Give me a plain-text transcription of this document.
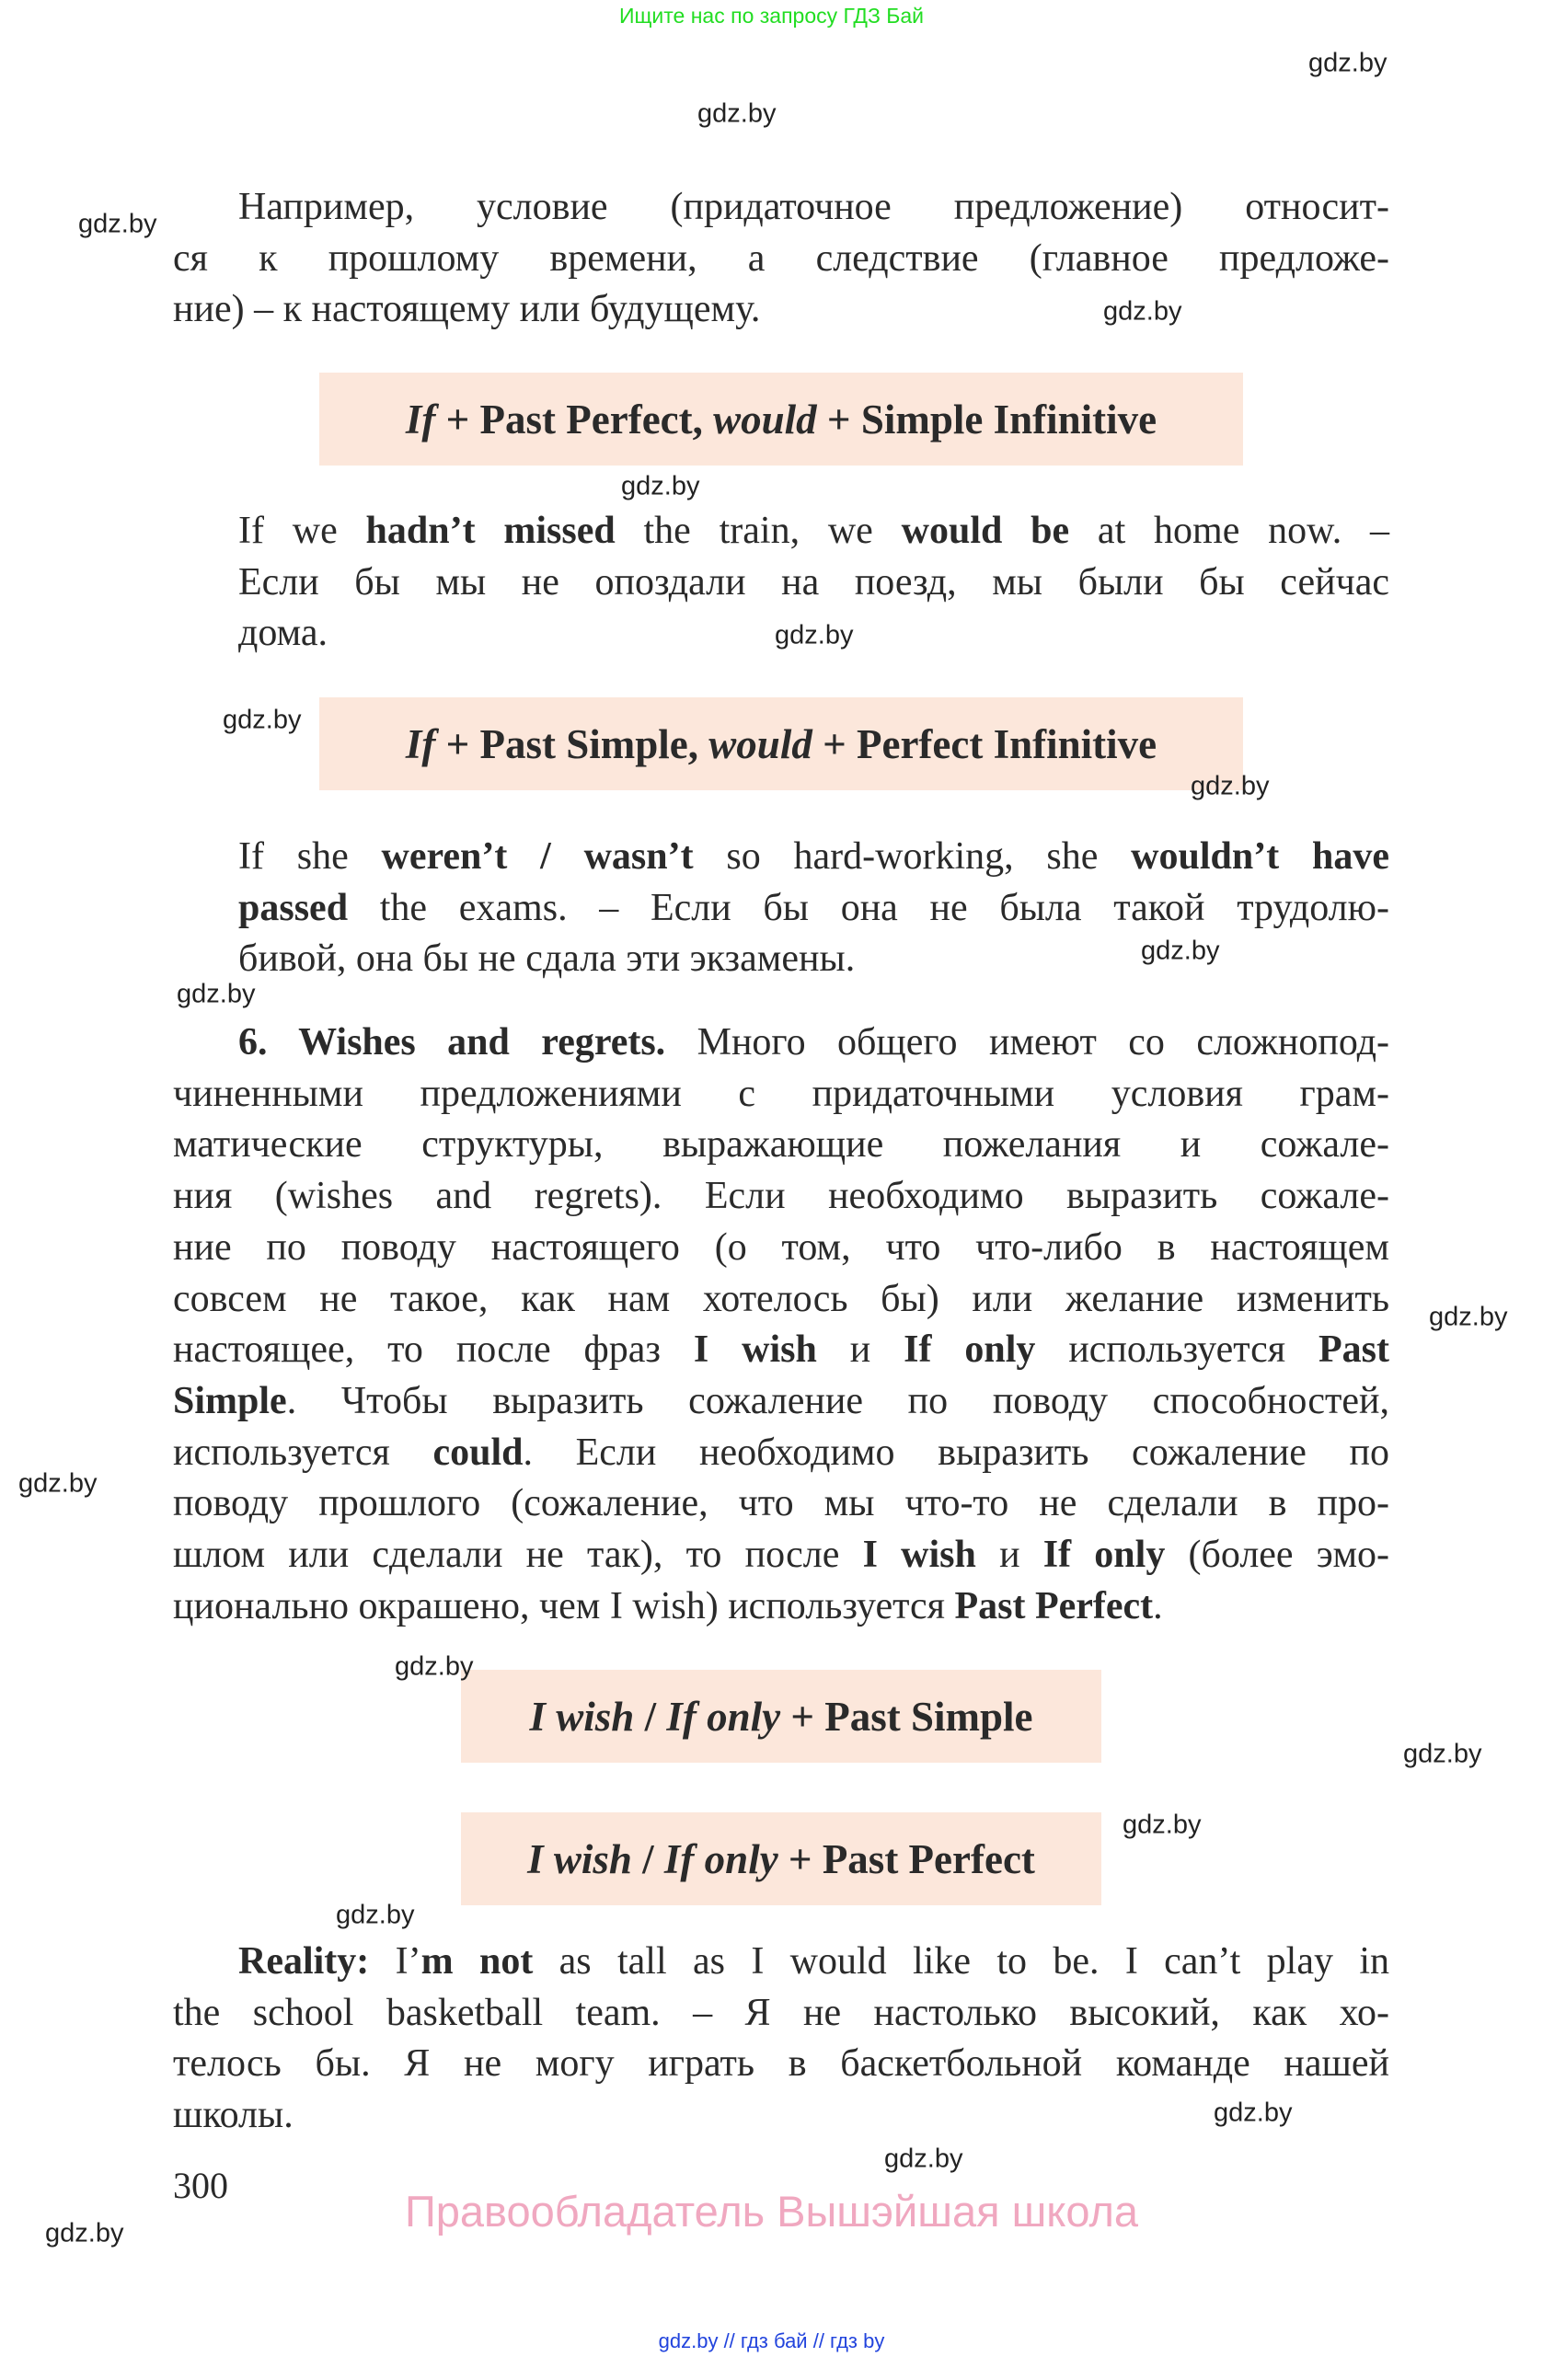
Ищите нас по запросу ГДЗ Бай
Например, условие (придаточное предложение) относит-
ся к прошлому времени, а следствие (главное предложе-
ние) – к настоящему или будущему.
If + Past Perfect, would + Simple Infinitive
If we hadn’t missed the train, we would be at home now. –
Если бы мы не опоздали на поезд, мы были бы сейчас
дома.
If + Past Simple, would + Perfect Infinitive
If she weren’t / wasn’t so hard-working, she wouldn’t have
passed the exams. – Если бы она не была такой трудолю-
бивой, она бы не сдала эти экзамены.
6. Wishes and regrets. Много общего имеют со сложнопод-
чиненными предложениями с придаточными условия грам-
матические структуры, выражающие пожелания и сожале-
ния (wishes and regrets). Если необходимо выразить сожале-
ние по поводу настоящего (о том, что что-либо в настоящем
совсем не такое, как нам хотелось бы) или желание изменить
настоящее, то после фраз I wish и If only используется Past
Simple. Чтобы выразить сожаление по поводу способностей,
используется could. Если необходимо выразить сожаление по
поводу прошлого (сожаление, что мы что-то не сделали в про-
шлом или сделали не так), то после I wish и If only (более эмо-
ционально окрашено, чем I wish) используется Past Perfect.
I wish / If only + Past Simple
I wish / If only + Past Perfect
Reality: I’m not as tall as I would like to be. I can’t play in
the school basketball team. – Я не настолько высокий, как хо-
телось бы. Я не могу играть в баскетбольной команде нашей
школы.
300
Правообладатель Вышэйшая школа
gdz.by // гдз бай // гдз by
gdz.by
gdz.by
gdz.by
gdz.by
gdz.by
gdz.by
gdz.by
gdz.by
gdz.by
gdz.by
gdz.by
gdz.by
gdz.by
gdz.by
gdz.by
gdz.by
gdz.by
gdz.by
gdz.by
